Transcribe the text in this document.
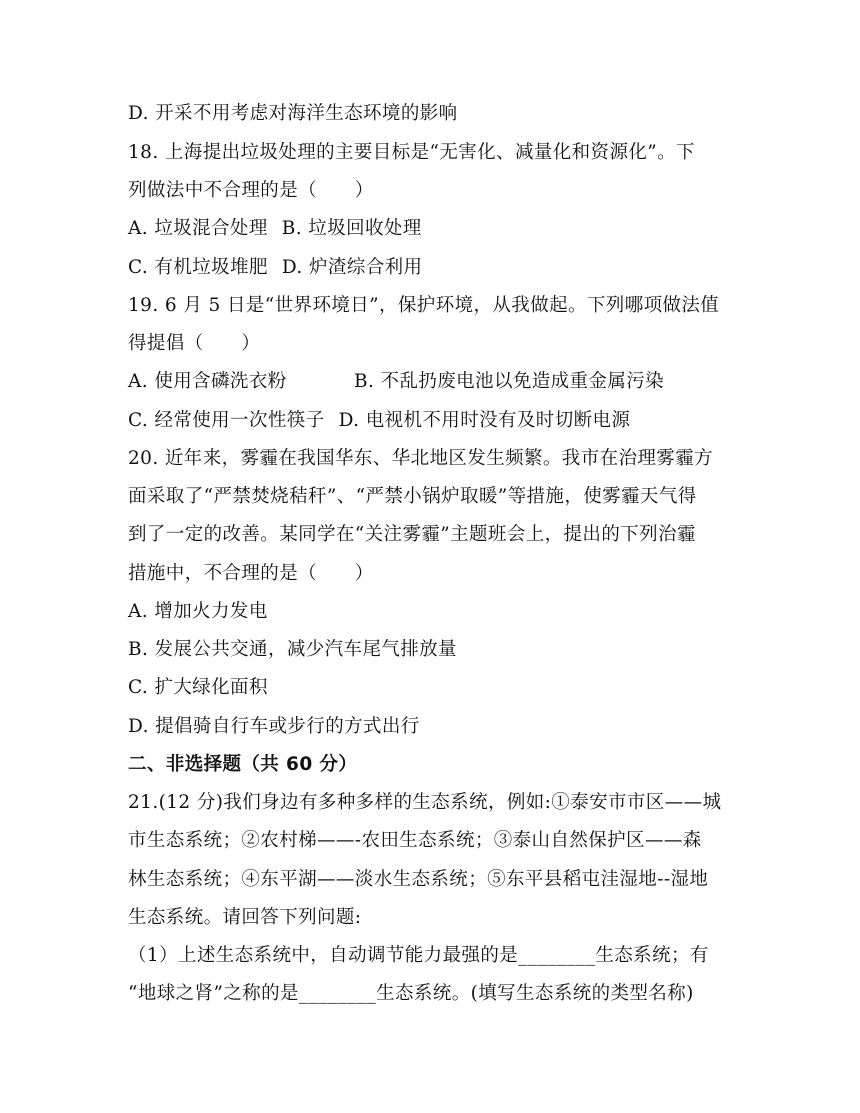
D. 开采不用考虑对海洋生态环境的影响
18. 上海提出垃圾处理的主要目标是“无害化、减量化和资源化”。下
列做法中不合理的是（　　）
A. 垃圾混合处理 B. 垃圾回收处理
C. 有机垃圾堆肥 D. 炉渣综合利用
19. 6 月 5 日是“世界环境日”，保护环境，从我做起。下列哪项做法值
得提倡（　　）
A. 使用含磷洗衣粉	B. 不乱扔废电池以免造成重金属污染
C. 经常使用一次性筷子 D. 电视机不用时没有及时切断电源
20. 近年来，雾霾在我国华东、华北地区发生频繁。我市在治理雾霾方
面采取了“严禁焚烧秸秆”、“严禁小锅炉取暖”等措施，使雾霾天气得
到了一定的改善。某同学在“关注雾霾”主题班会上，提出的下列治霾
措施中，不合理的是（　　）
A. 增加火力发电
B. 发展公共交通，减少汽车尾气排放量
C. 扩大绿化面积
D. 提倡骑自行车或步行的方式出行
二、非选择题（共 60 分）
21.(12 分)我们身边有多种多样的生态系统，例如:①泰安市市区——城
市生态系统；②农村梯——-农田生态系统；③泰山自然保护区——森
林生态系统；④东平湖——淡水生态系统；⑤东平县稻屯洼湿地--湿地
生态系统。请回答下列问题:
（1）上述生态系统中，自动调节能力最强的是________生态系统；有
“地球之肾”之称的是________生态系统。(填写生态系统的类型名称)
